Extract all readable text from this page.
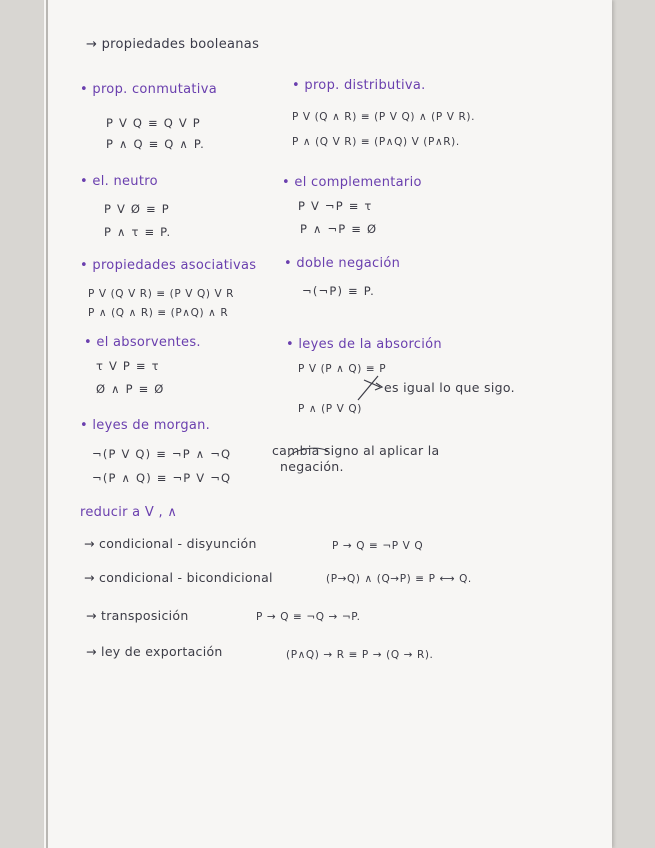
→ propiedades booleanas
• prop. conmutativa
P V Q ≡ Q V P
P ∧ Q ≡ Q ∧ P.
• prop. distributiva.
P V (Q ∧ R) ≡ (P V Q) ∧ (P V R).
P ∧ (Q V R) ≡ (P∧Q) V (P∧R).
• el. neutro
P V Ø ≡ P
P ∧ τ ≡ P.
• el complementario
P V ¬P ≡ τ
P ∧ ¬P ≡ Ø
• propiedades asociativas
P V (Q V R) ≡ (P V Q) V R
P ∧ (Q ∧ R) ≡ (P∧Q) ∧ R
• doble negación
¬(¬P) ≡ P.
• el absorventes.
τ V P ≡ τ
Ø ∧ P ≡ Ø
• leyes de la absorción
P V (P ∧ Q) ≡ P
P ∧ (P V Q)
es igual lo que sigo.
• leyes de morgan.
¬(P V Q) ≡ ¬P ∧ ¬Q
¬(P ∧ Q) ≡ ¬P V ¬Q
cambia signo al aplicar la
negación.
reducir a V , ∧
→ condicional - disyunción	P → Q ≡ ¬P V Q
→ condicional - bicondicional	(P→Q) ∧ (Q→P) ≡ P ⟷ Q.
→ transposición	P → Q ≡ ¬Q → ¬P.
→ ley de exportación	(P∧Q) → R ≡ P → (Q → R).
